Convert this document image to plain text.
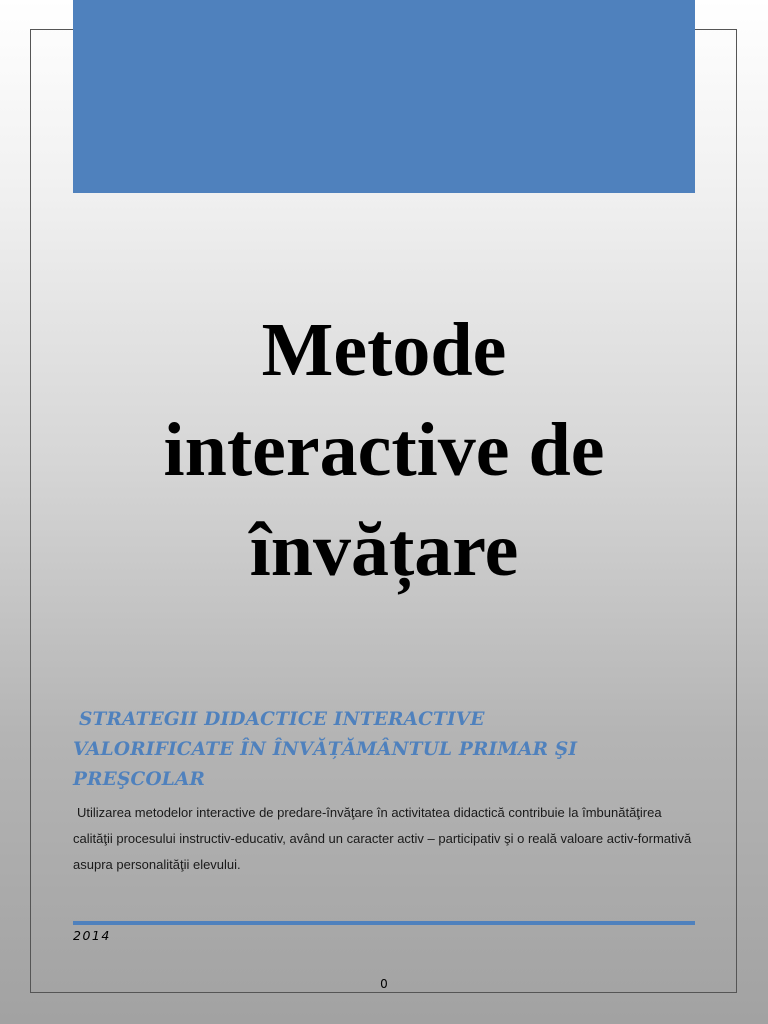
Metode
interactive de
învățare
STRATEGII DIDACTICE INTERACTIVE
VALORIFICATE ÎN ÎNVĂȚĂMÂNTUL PRIMAR ŞI
PREŞCOLAR

Utilizarea metodelor interactive de predare-învăţare în activitatea didactică contribuie la îmbunătăţirea calităţii procesului instructiv-educativ, având un caracter activ – participativ şi o reală valoare activ-formativă asupra personalităţii elevului.

2014
0
